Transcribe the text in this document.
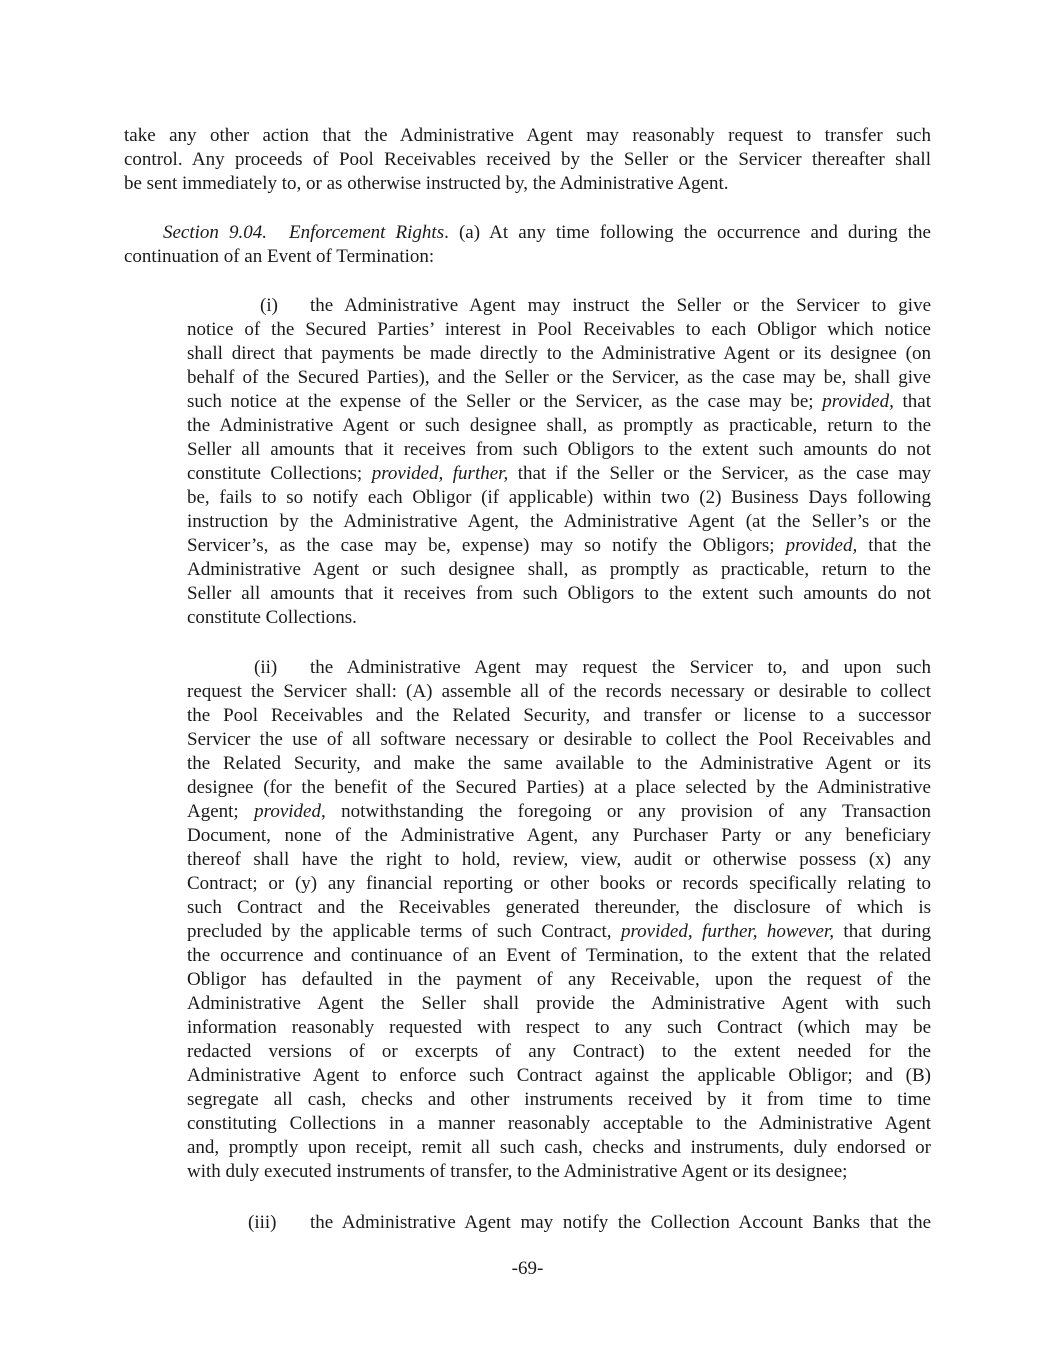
take any other action that the Administrative Agent may reasonably request to transfer such
control. Any proceeds of Pool Receivables received by the Seller or the Servicer thereafter shall
be sent immediately to, or as otherwise instructed by, the Administrative Agent.
Section 9.04. Enforcement Rights. (a) At any time following the occurrence and during the
continuation of an Event of Termination:
(i) the Administrative Agent may instruct the Seller or the Servicer to give
notice of the Secured Parties’ interest in Pool Receivables to each Obligor which notice
shall direct that payments be made directly to the Administrative Agent or its designee (on
behalf of the Secured Parties), and the Seller or the Servicer, as the case may be, shall give
such notice at the expense of the Seller or the Servicer, as the case may be; provided, that
the Administrative Agent or such designee shall, as promptly as practicable, return to the
Seller all amounts that it receives from such Obligors to the extent such amounts do not
constitute Collections; provided, further, that if the Seller or the Servicer, as the case may
be, fails to so notify each Obligor (if applicable) within two (2) Business Days following
instruction by the Administrative Agent, the Administrative Agent (at the Seller’s or the
Servicer’s, as the case may be, expense) may so notify the Obligors; provided, that the
Administrative Agent or such designee shall, as promptly as practicable, return to the
Seller all amounts that it receives from such Obligors to the extent such amounts do not
constitute Collections.
(ii) the Administrative Agent may request the Servicer to, and upon such
request the Servicer shall: (A) assemble all of the records necessary or desirable to collect
the Pool Receivables and the Related Security, and transfer or license to a successor
Servicer the use of all software necessary or desirable to collect the Pool Receivables and
the Related Security, and make the same available to the Administrative Agent or its
designee (for the benefit of the Secured Parties) at a place selected by the Administrative
Agent; provided, notwithstanding the foregoing or any provision of any Transaction
Document, none of the Administrative Agent, any Purchaser Party or any beneficiary
thereof shall have the right to hold, review, view, audit or otherwise possess (x) any
Contract; or (y) any financial reporting or other books or records specifically relating to
such Contract and the Receivables generated thereunder, the disclosure of which is
precluded by the applicable terms of such Contract, provided, further, however, that during
the occurrence and continuance of an Event of Termination, to the extent that the related
Obligor has defaulted in the payment of any Receivable, upon the request of the
Administrative Agent the Seller shall provide the Administrative Agent with such
information reasonably requested with respect to any such Contract (which may be
redacted versions of or excerpts of any Contract) to the extent needed for the
Administrative Agent to enforce such Contract against the applicable Obligor; and (B)
segregate all cash, checks and other instruments received by it from time to time
constituting Collections in a manner reasonably acceptable to the Administrative Agent
and, promptly upon receipt, remit all such cash, checks and instruments, duly endorsed or
with duly executed instruments of transfer, to the Administrative Agent or its designee;
(iii) the Administrative Agent may notify the Collection Account Banks that the
-69-
